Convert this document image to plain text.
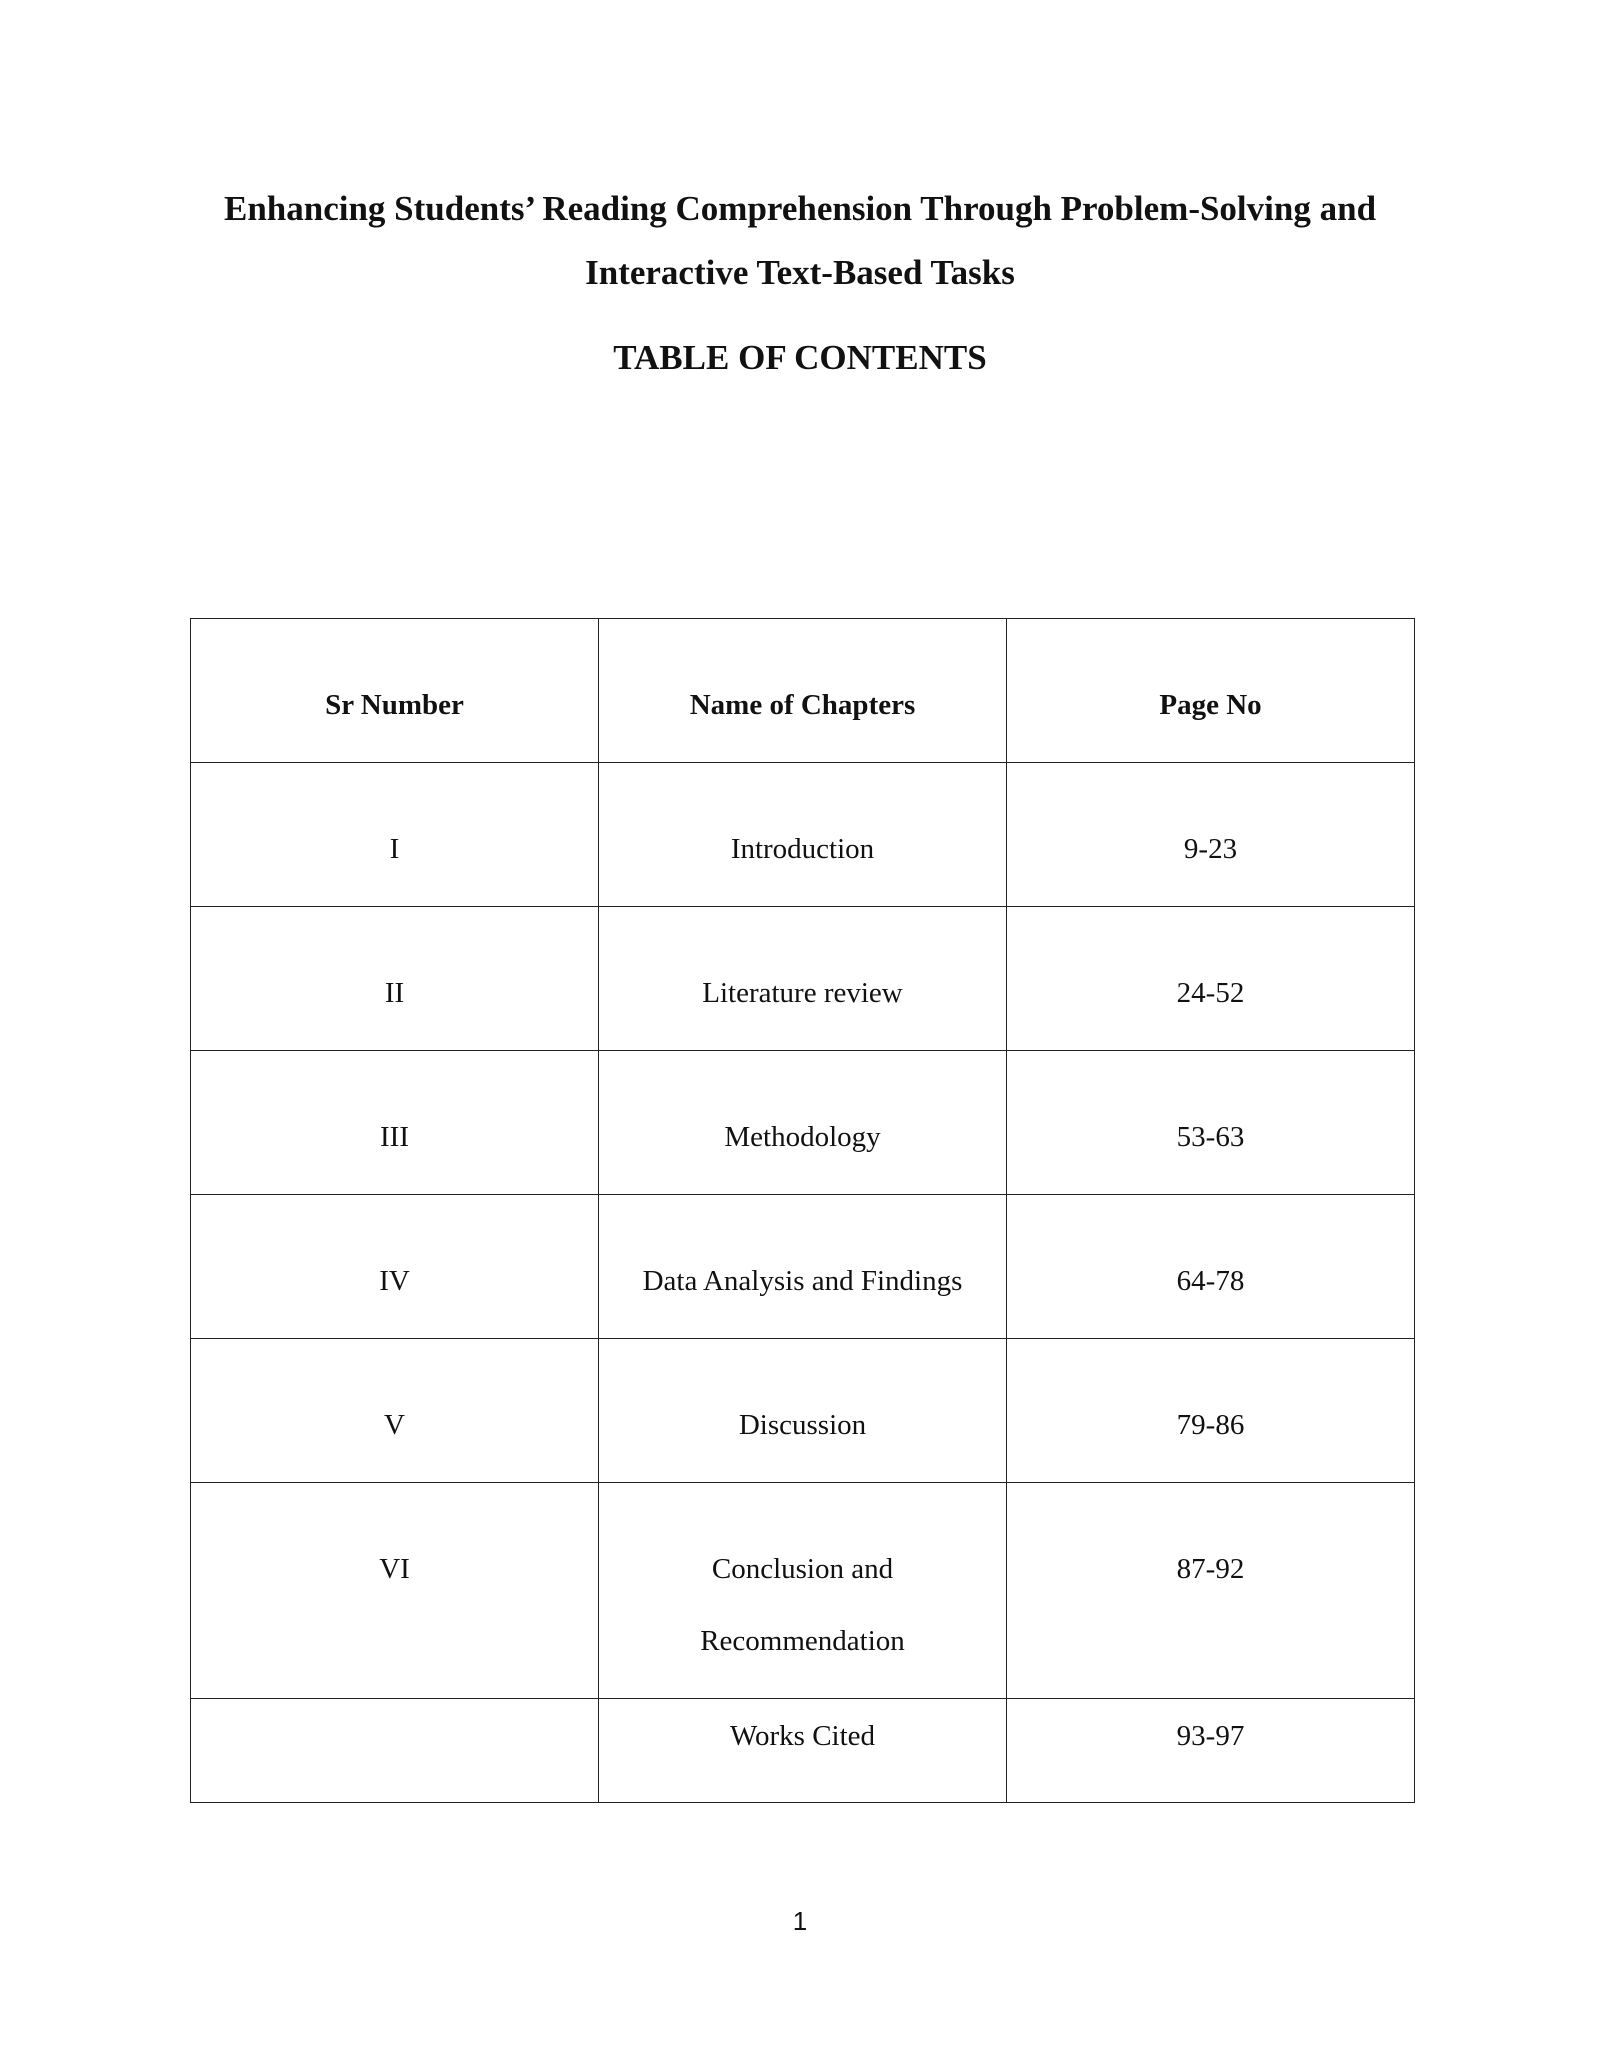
Enhancing Students’ Reading Comprehension Through Problem-Solving and
Interactive Text-Based Tasks
TABLE OF CONTENTS
Sr Number	Name of Chapters	Page No
I	Introduction	9-23
II	Literature review	24-52
III	Methodology	53-63
IV	Data Analysis and Findings	64-78
V	Discussion	79-86

VI	Conclusion and
Recommendation	87-92

	Works Cited	93-97
1
